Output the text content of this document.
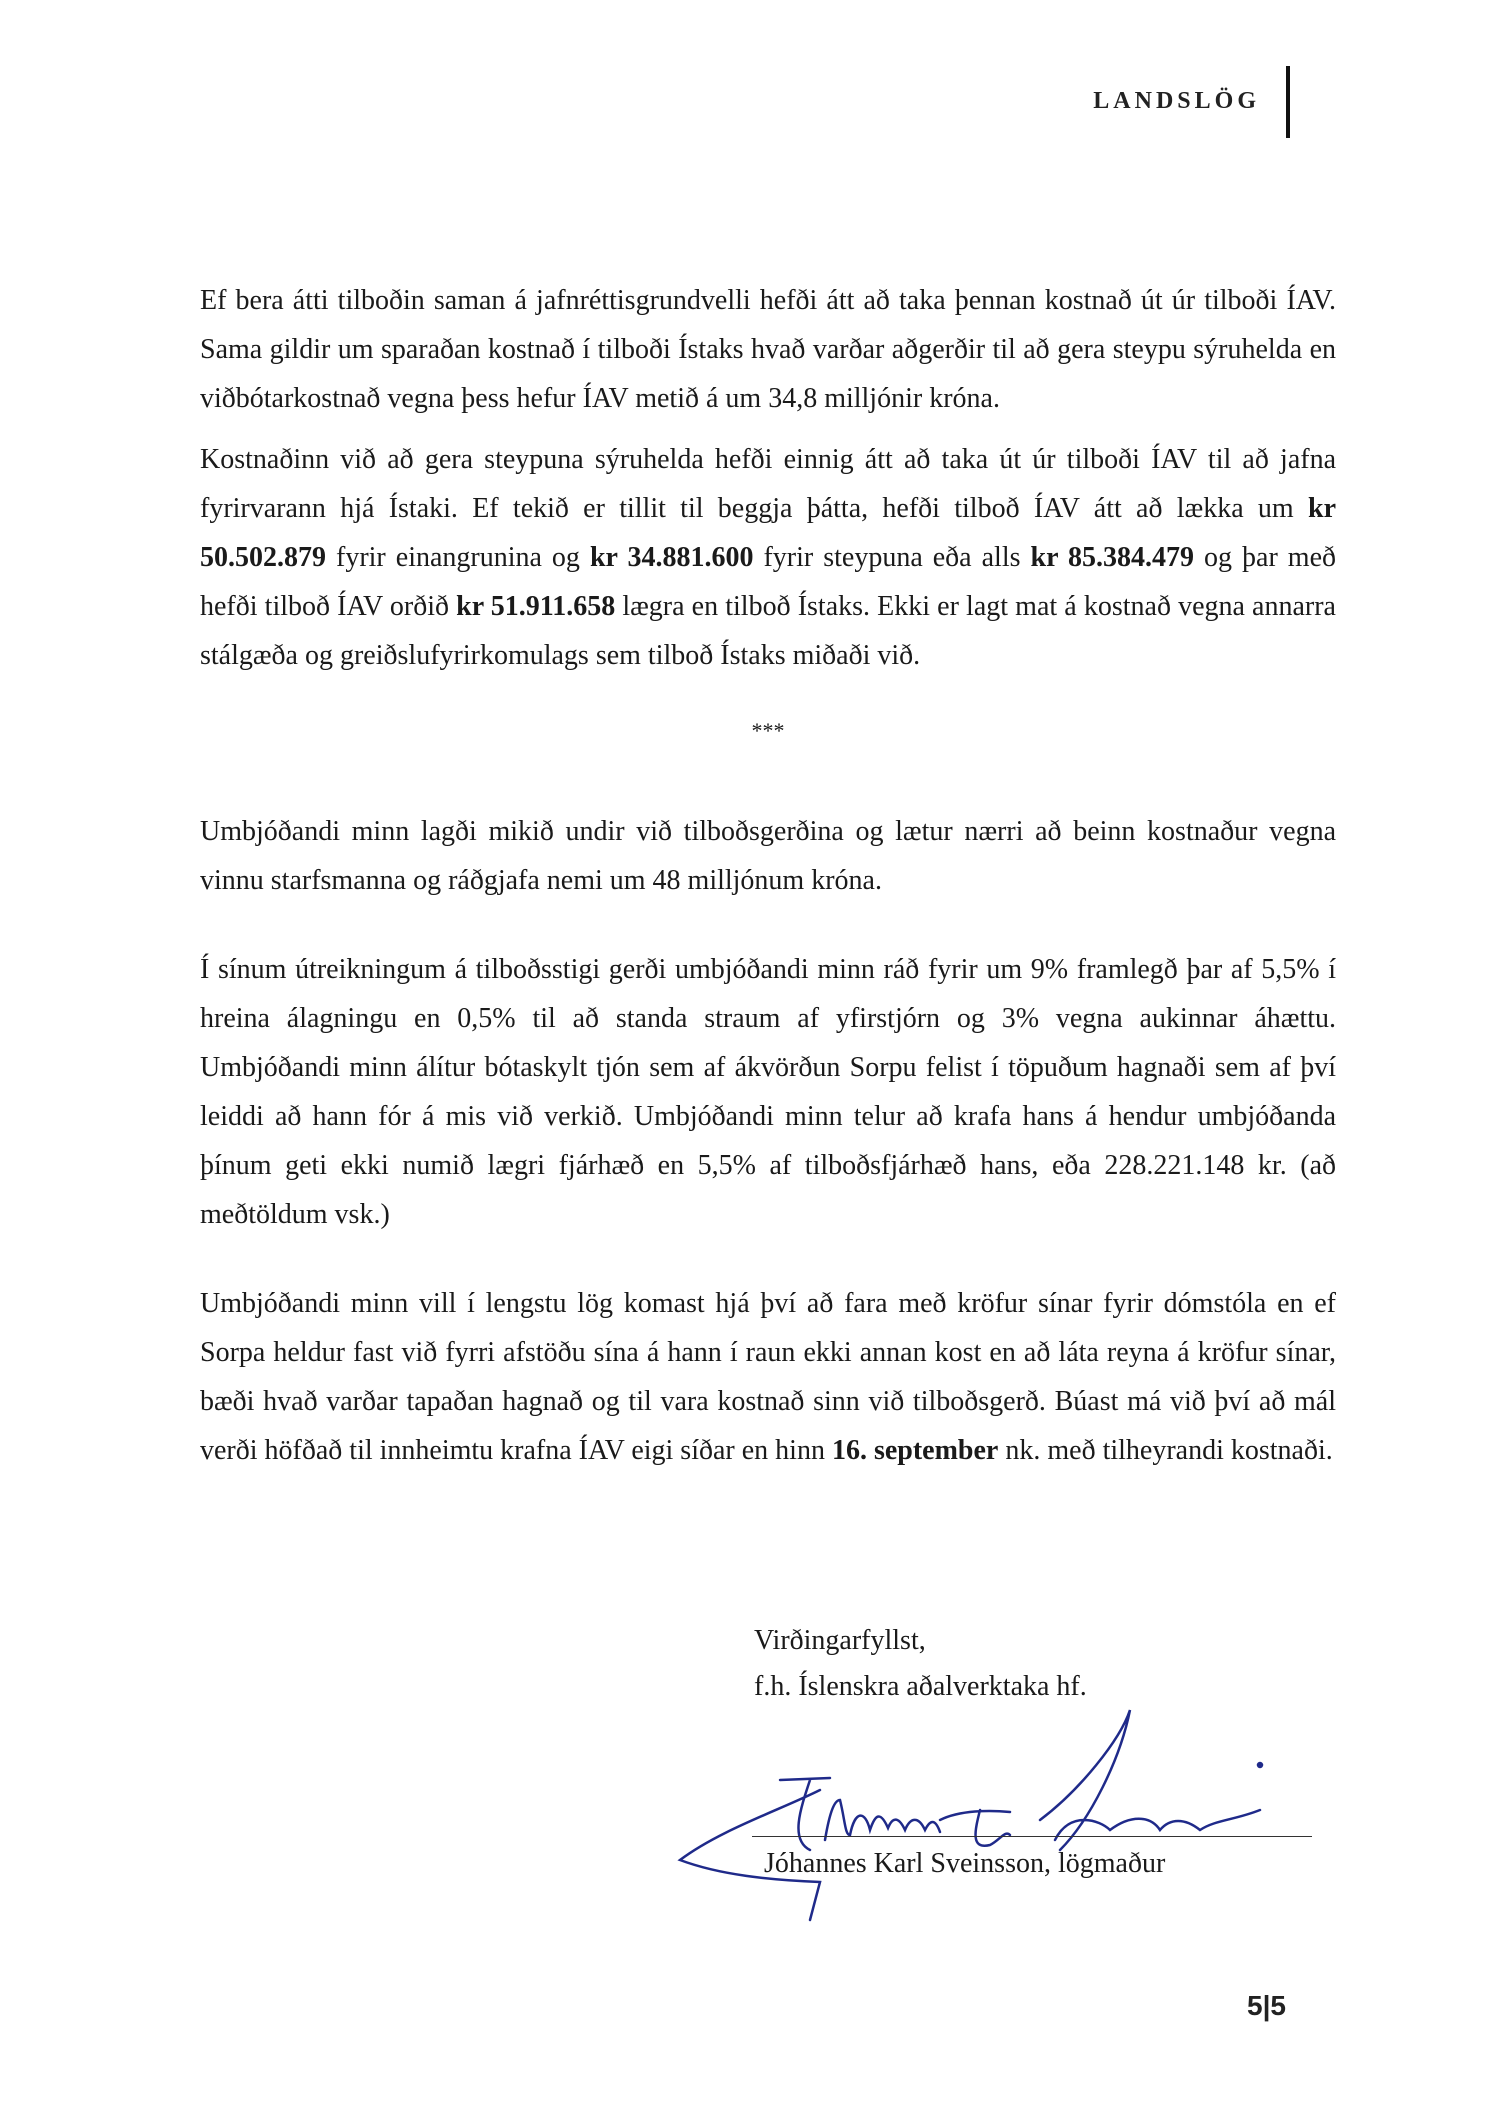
LANDSLÖG

Ef bera átti tilboðin saman á jafnréttisgrundvelli hefði átt að taka þennan kostnað út úr tilboði ÍAV. Sama gildir um sparaðan kostnað í tilboði Ístaks hvað varðar aðgerðir til að gera steypu sýruhelda en viðbótarkostnað vegna þess hefur ÍAV metið á um 34,8 milljónir króna.

Kostnaðinn við að gera steypuna sýruhelda hefði einnig átt að taka út úr tilboði ÍAV til að jafna fyrirvarann hjá Ístaki. Ef tekið er tillit til beggja þátta, hefði tilboð ÍAV átt að lækka um kr 50.502.879 fyrir einangrunina og kr 34.881.600 fyrir steypuna eða alls kr 85.384.479 og þar með hefði tilboð ÍAV orðið kr 51.911.658 lægra en tilboð Ístaks. Ekki er lagt mat á kostnað vegna annarra stálgæða og greiðslufyrirkomulags sem tilboð Ístaks miðaði við.

***

Umbjóðandi minn lagði mikið undir við tilboðsgerðina og lætur nærri að beinn kostnaður vegna vinnu starfsmanna og ráðgjafa nemi um 48 milljónum króna.

Í sínum útreikningum á tilboðsstigi gerði umbjóðandi minn ráð fyrir um 9% framlegð þar af 5,5% í hreina álagningu en 0,5% til að standa straum af yfirstjórn og 3% vegna aukinnar áhættu. Umbjóðandi minn álítur bótaskylt tjón sem af ákvörðun Sorpu felist í töpuðum hagnaði sem af því leiddi að hann fór á mis við verkið. Umbjóðandi minn telur að krafa hans á hendur umbjóðanda þínum geti ekki numið lægri fjárhæð en 5,5% af tilboðsfjárhæð hans, eða 228.221.148 kr. (að meðtöldum vsk.)

Umbjóðandi minn vill í lengstu lög komast hjá því að fara með kröfur sínar fyrir dómstóla en ef Sorpa heldur fast við fyrri afstöðu sína á hann í raun ekki annan kost en að láta reyna á kröfur sínar, bæði hvað varðar tapaðan hagnað og til vara kostnað sinn við tilboðsgerð. Búast má við því að mál verði höfðað til innheimtu krafna ÍAV eigi síðar en hinn 16. september nk. með tilheyrandi kostnaði.

Virðingarfyllst,
f.h. Íslenskra aðalverktaka hf.
Jóhannes Karl Sveinsson, lögmaður
5|5
